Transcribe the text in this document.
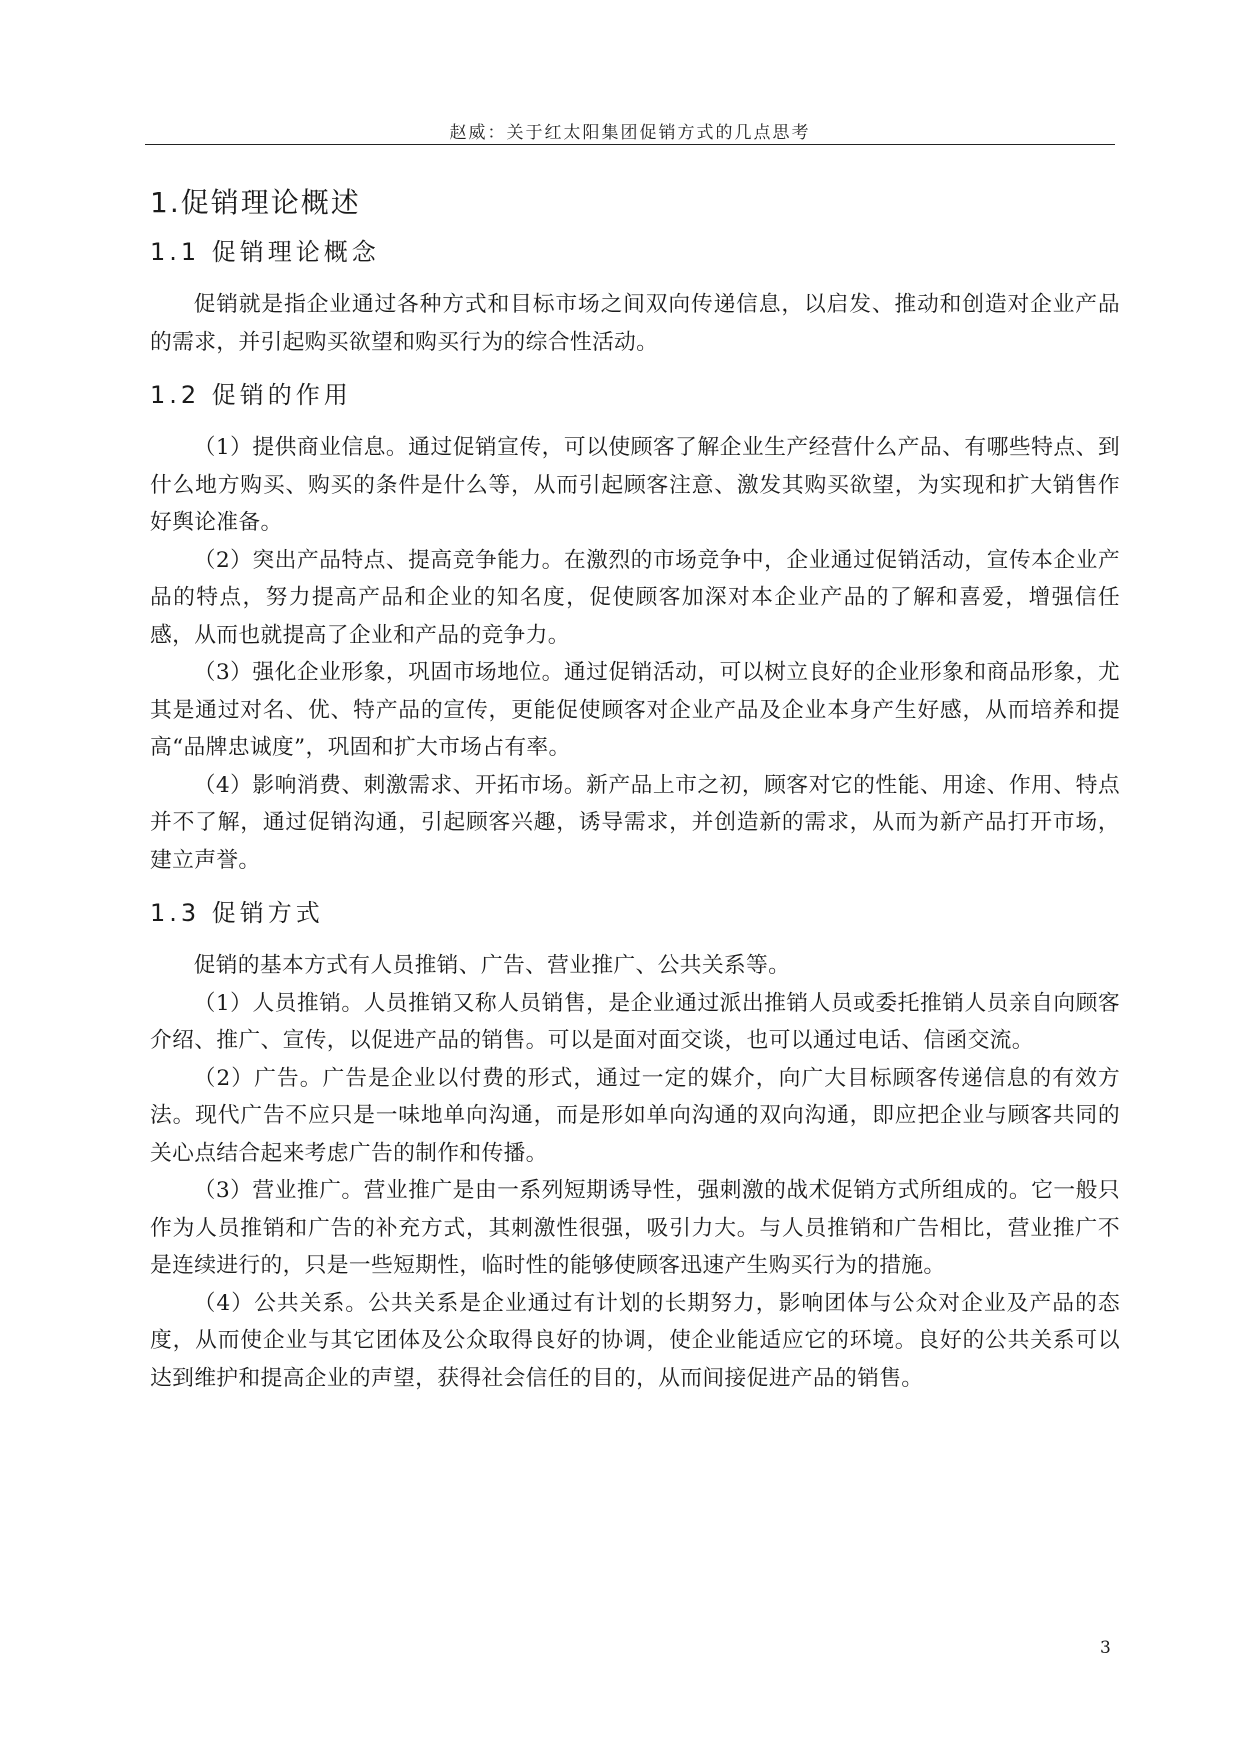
赵威：关于红太阳集团促销方式的几点思考
1.促销理论概述
1.1 促销理论概念

促销就是指企业通过各种方式和目标市场之间双向传递信息，以启发、推动和创造对企业产品的需求，并引起购买欲望和购买行为的综合性活动。

1.2 促销的作用

（1）提供商业信息。通过促销宣传，可以使顾客了解企业生产经营什么产品、有哪些特点、到什么地方购买、购买的条件是什么等，从而引起顾客注意、激发其购买欲望，为实现和扩大销售作好舆论准备。

（2）突出产品特点、提高竞争能力。在激烈的市场竞争中，企业通过促销活动，宣传本企业产品的特点，努力提高产品和企业的知名度，促使顾客加深对本企业产品的了解和喜爱，增强信任感，从而也就提高了企业和产品的竞争力。

（3）强化企业形象，巩固市场地位。通过促销活动，可以树立良好的企业形象和商品形象，尤其是通过对名、优、特产品的宣传，更能促使顾客对企业产品及企业本身产生好感，从而培养和提高“品牌忠诚度”，巩固和扩大市场占有率。

（4）影响消费、刺激需求、开拓市场。新产品上市之初，顾客对它的性能、用途、作用、特点并不了解，通过促销沟通，引起顾客兴趣，诱导需求，并创造新的需求，从而为新产品打开市场，建立声誉。

1.3 促销方式

促销的基本方式有人员推销、广告、营业推广、公共关系等。

（1）人员推销。人员推销又称人员销售，是企业通过派出推销人员或委托推销人员亲自向顾客介绍、推广、宣传，以促进产品的销售。可以是面对面交谈，也可以通过电话、信函交流。

（2）广告。广告是企业以付费的形式，通过一定的媒介，向广大目标顾客传递信息的有效方法。现代广告不应只是一味地单向沟通，而是形如单向沟通的双向沟通，即应把企业与顾客共同的关心点结合起来考虑广告的制作和传播。

（3）营业推广。营业推广是由一系列短期诱导性，强刺激的战术促销方式所组成的。它一般只作为人员推销和广告的补充方式，其刺激性很强，吸引力大。与人员推销和广告相比，营业推广不是连续进行的，只是一些短期性，临时性的能够使顾客迅速产生购买行为的措施。

（4）公共关系。公共关系是企业通过有计划的长期努力，影响团体与公众对企业及产品的态度，从而使企业与其它团体及公众取得良好的协调，使企业能适应它的环境。良好的公共关系可以达到维护和提高企业的声望，获得社会信任的目的，从而间接促进产品的销售。

3
